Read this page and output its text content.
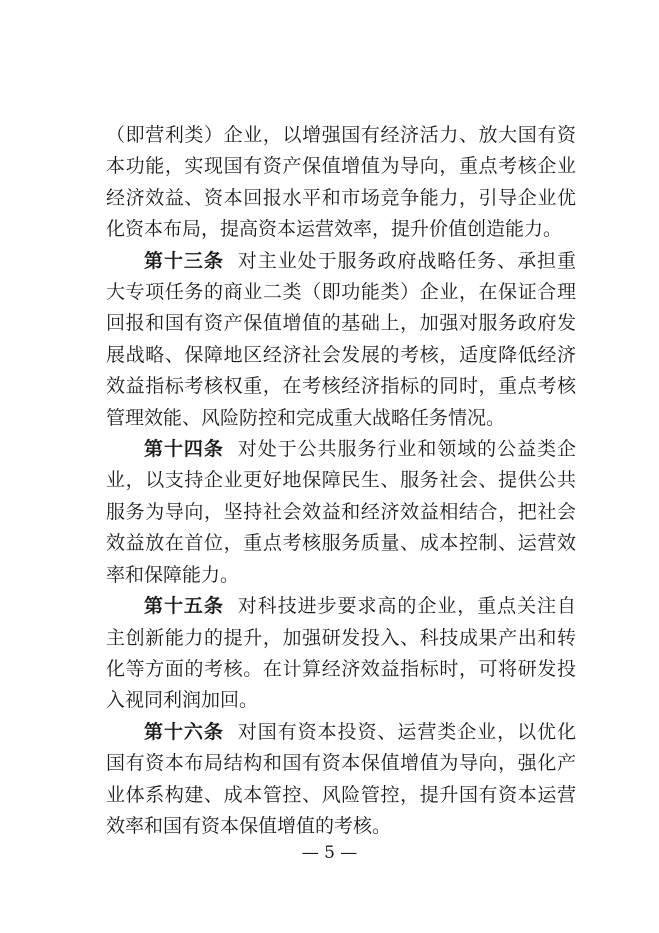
（即营利类）企业，以增强国有经济活力、放大国有资本功能，实现国有资产保值增值为导向，重点考核企业经济效益、资本回报水平和市场竞争能力，引导企业优化资本布局，提高资本运营效率，提升价值创造能力。

第十三条 对主业处于服务政府战略任务、承担重大专项任务的商业二类（即功能类）企业，在保证合理回报和国有资产保值增值的基础上，加强对服务政府发展战略、保障地区经济社会发展的考核，适度降低经济效益指标考核权重，在考核经济指标的同时，重点考核管理效能、风险防控和完成重大战略任务情况。

第十四条 对处于公共服务行业和领域的公益类企业，以支持企业更好地保障民生、服务社会、提供公共服务为导向，坚持社会效益和经济效益相结合，把社会效益放在首位，重点考核服务质量、成本控制、运营效率和保障能力。

第十五条 对科技进步要求高的企业，重点关注自主创新能力的提升，加强研发投入、科技成果产出和转化等方面的考核。在计算经济效益指标时，可将研发投入视同利润加回。

第十六条 对国有资本投资、运营类企业，以优化国有资本布局结构和国有资本保值增值为导向，强化产业体系构建、成本管控、风险管控，提升国有资本运营效率和国有资本保值增值的考核。

— 5 —
